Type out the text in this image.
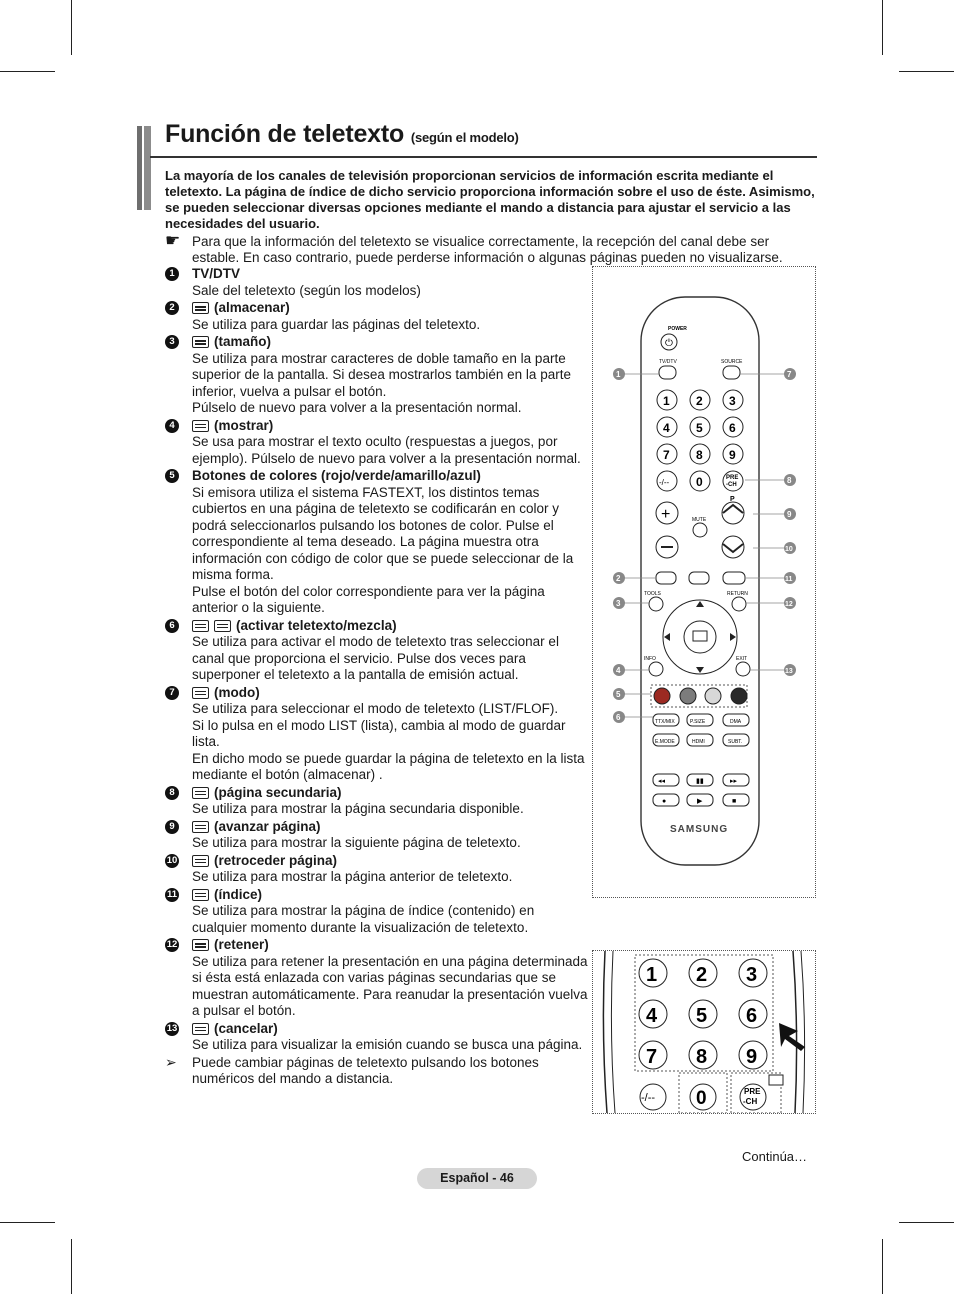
Función de teletexto (según el modelo)
La mayoría de los canales de televisión proporcionan servicios de información escrita mediante el teletexto. La página de índice de dicho servicio proporciona información sobre el uso de éste. Asimismo, se pueden seleccionar diversas opciones mediante el mando a distancia para ajustar el servicio a las necesidades del usuario.
☛ Para que la información del teletexto se visualice correctamente, la recepción del canal debe ser estable. En caso contrario, puede perderse información o algunas páginas pueden no visualizarse.
1	TV/DTV
Sale del teletexto (según los modelos)
2	(almacenar)
Se utiliza para guardar las páginas del teletexto.
3	(tamaño)
Se utiliza para mostrar caracteres de doble tamaño en la parte superior de la pantalla. Si desea mostrarlos también en la parte inferior, vuelva a pulsar el botón.
Púlselo de nuevo para volver a la presentación normal.
4	(mostrar)
Se usa para mostrar el texto oculto (respuestas a juegos, por ejemplo). Púlselo de nuevo para volver a la presentación normal.
5	Botones de colores (rojo/verde/amarillo/azul)
Si emisora utiliza el sistema FASTEXT, los distintos temas cubiertos en una página de teletexto se codificarán en color y podrá seleccionarlos pulsando los botones de color. Pulse el correspondiente al tema deseado. La página muestra otra información con código de color que se puede seleccionar de la misma forma.
Pulse el botón del color correspondiente para ver la página anterior o la siguiente.
6	(activar teletexto/mezcla)
Se utiliza para activar el modo de teletexto tras seleccionar el canal que proporciona el servicio. Pulse dos veces para superponer el teletexto a la pantalla de emisión actual.
7	(modo)
Se utiliza para seleccionar el modo de teletexto (LIST/FLOF).
Si lo pulsa en el modo LIST (lista), cambia al modo de guardar lista.
En dicho modo se puede guardar la página de teletexto en la lista mediante el botón (almacenar) .
8	(página secundaria)
Se utiliza para mostrar la página secundaria disponible.
9	(avanzar página)
Se utiliza para mostrar la siguiente página de teletexto.
10	(retroceder página)
Se utiliza para mostrar la página anterior de teletexto.
11	(índice)
Se utiliza para mostrar la página de índice (contenido) en cualquier momento durante la visualización de teletexto.
12	(retener)
Se utiliza para retener la presentación en una página determinada si ésta está enlazada con varias páginas secundarias que se muestran automáticamente. Para reanudar la presentación vuelva a pulsar el botón.
13	(cancelar)
Se utiliza para visualizar la emisión cuando se busca una página.
➢ Puede cambiar páginas de teletexto pulsando los botones numéricos del mando a distancia.
POWER
⏻
TV/DTV	SOURCE
1 2 3
4 5 6
7 8 9
-/-- 0	PRE
-CH
P
+	MUTE
TOOLS	RETURN
INFO	EXIT
TTX/MIX	P.SIZE	DMA
E.MODE	HDMI	SUBT.
◂◂	▮▮	▸▸
●	▶	■
SAMSUNG
1
2
3
4
5
6
7
8
9
10
11
12
13
1 2 3
4 5 6
7 8 9
-/-- 0	PRE
-CH
Continúa…
Español - 46
